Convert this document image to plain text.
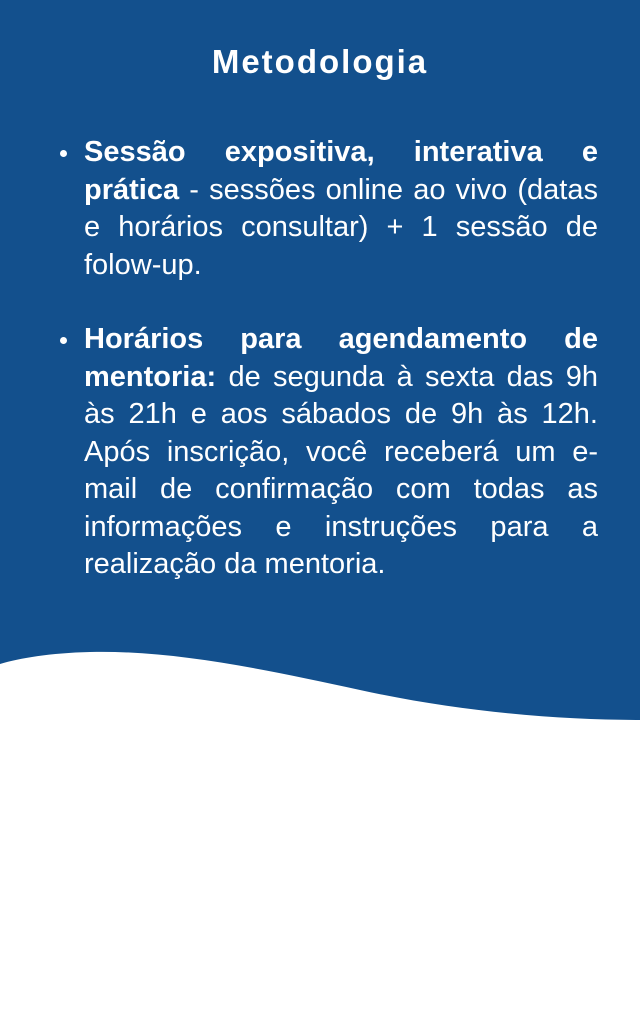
Metodologia
Sessão expositiva, interativa e prática - sessões online ao vivo (datas e horários consultar) + 1 sessão de folow-up.
Horários para agendamento de mentoria: de segunda à sexta das 9h às 21h e aos sábados de 9h às 12h. Após inscrição, você receberá um e-mail de confirmação com todas as informações e instruções para a realização da mentoria.
